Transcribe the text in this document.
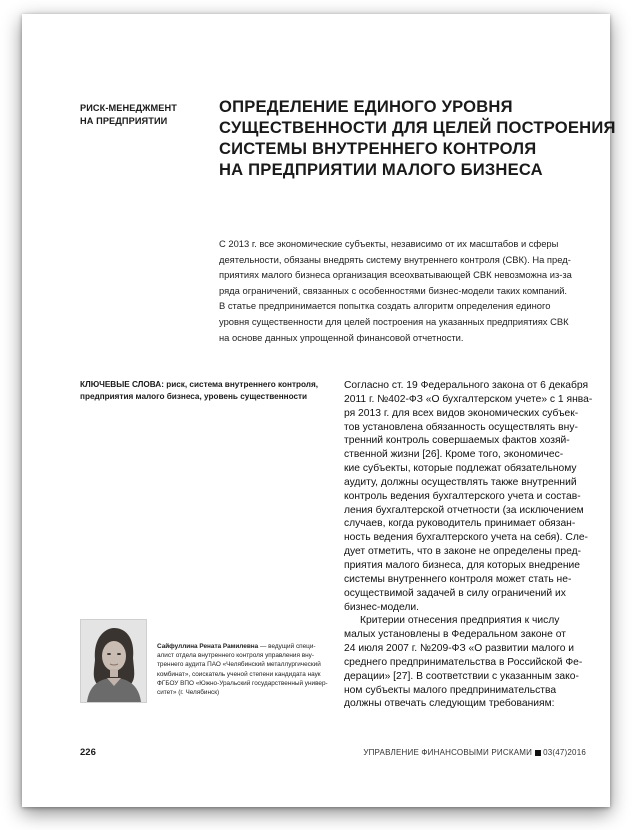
РИСК-МЕНЕДЖМЕНТ
НА ПРЕДПРИЯТИИ
ОПРЕДЕЛЕНИЕ ЕДИНОГО УРОВНЯ
СУЩЕСТВЕННОСТИ ДЛЯ ЦЕЛЕЙ ПОСТРОЕНИЯ
СИСТЕМЫ ВНУТРЕННЕГО КОНТРОЛЯ
НА ПРЕДПРИЯТИИ МАЛОГО БИЗНЕСА
С 2013 г. все экономические субъекты, независимо от их масштабов и сферы
деятельности, обязаны внедрять систему внутреннего контроля (СВК). На пред-
приятиях малого бизнеса организация всеохватывающей СВК невозможна из-за
ряда ограничений, связанных с особенностями бизнес-модели таких компаний.
В статье предпринимается попытка создать алгоритм определения единого
уровня существенности для целей построения на указанных предприятиях СВК
на основе данных упрощенной финансовой отчетности.
КЛЮЧЕВЫЕ СЛОВА: риск, система внутреннего контроля,
предприятия малого бизнеса, уровень существенности
Согласно ст. 19 Федерального закона от 6 декабря
2011 г. №402-ФЗ «О бухгалтерском учете» с 1 янва-
ря 2013 г. для всех видов экономических субъек-
тов установлена обязанность осуществлять вну-
тренний контроль совершаемых фактов хозяй-
ственной жизни [26]. Кроме того, экономичес-
кие субъекты, которые подлежат обязательному
аудиту, должны осуществлять также внутренний
контроль ведения бухгалтерского учета и состав-
ления бухгалтерской отчетности (за исключением
случаев, когда руководитель принимает обязан-
ность ведения бухгалтерского учета на себя). Сле-
дует отметить, что в законе не определены пред-
приятия малого бизнеса, для которых внедрение
системы внутреннего контроля может стать не-
осуществимой задачей в силу ограничений их
бизнес-модели.
Критерии отнесения предприятия к числу
малых установлены в Федеральном законе от
24 июля 2007 г. №209-ФЗ «О развитии малого и
среднего предпринимательства в Российской Фе-
дерации» [27]. В соответствии с указанным зако-
ном субъекты малого предпринимательства
должны отвечать следующим требованиям:
Сайфуллина Рената Рамилевна — ведущий специ-
алист отдела внутреннего контроля управления вну-
треннего аудита ПАО «Челябинский металлургический
комбинат», соискатель ученой степени кандидата наук
ФГБОУ ВПО «Южно-Уральский государственный универ-
ситет» (г. Челябинск)
226	УПРАВЛЕНИЕ ФИНАНСОВЫМИ РИСКАМИ 03(47)2016
